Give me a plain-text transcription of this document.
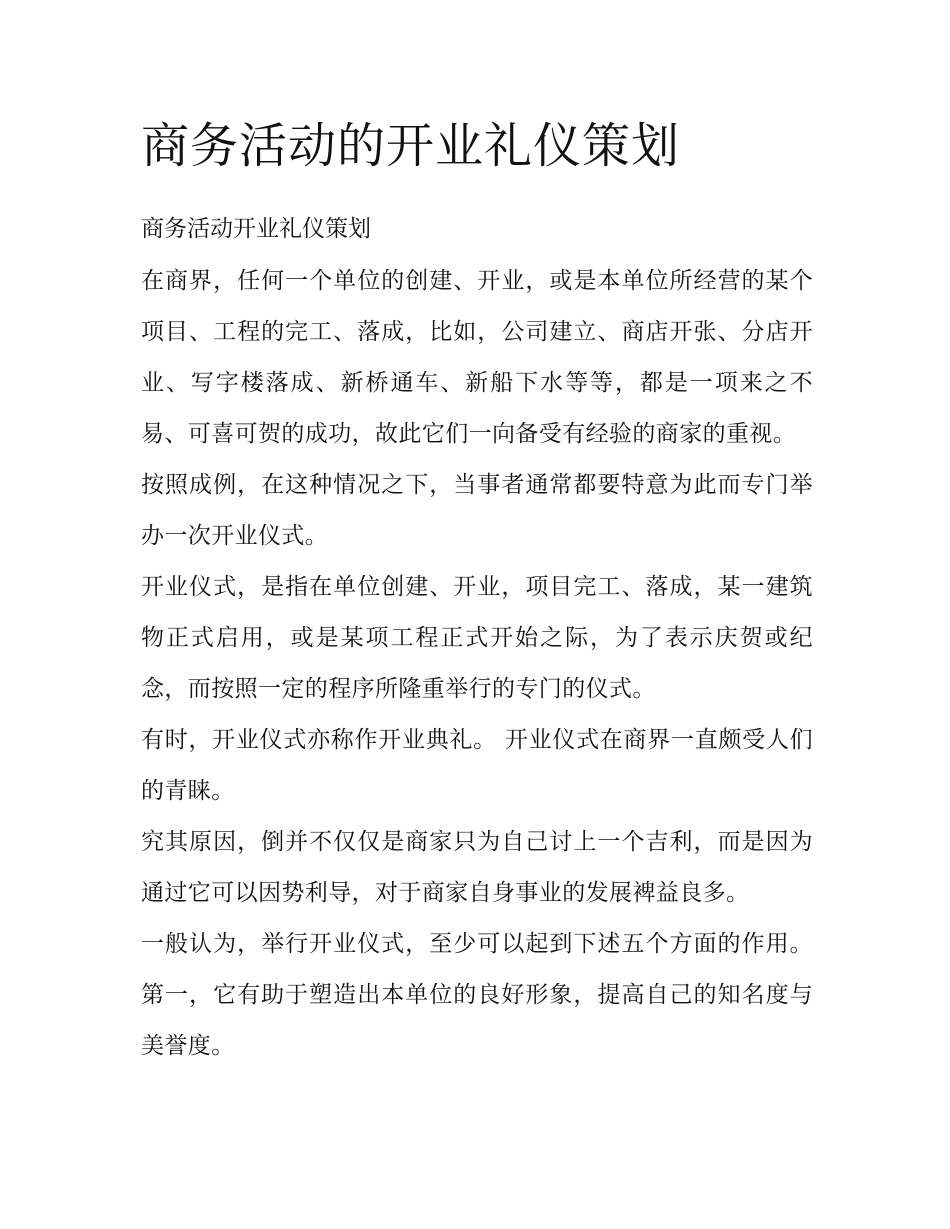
商务活动的开业礼仪策划
商务活动开业礼仪策划

在商界，任何一个单位的创建、开业，或是本单位所经营的某个项目、工程的完工、落成，比如，公司建立、商店开张、分店开业、写字楼落成、新桥通车、新船下水等等，都是一项来之不易、可喜可贺的成功，故此它们一向备受有经验的商家的重视。

按照成例，在这种情况之下，当事者通常都要特意为此而专门举办一次开业仪式。

开业仪式，是指在单位创建、开业，项目完工、落成，某一建筑物正式启用，或是某项工程正式开始之际，为了表示庆贺或纪念，而按照一定的程序所隆重举行的专门的仪式。

有时，开业仪式亦称作开业典礼。 开业仪式在商界一直颇受人们的青睐。

究其原因，倒并不仅仅是商家只为自己讨上一个吉利，而是因为通过它可以因势利导，对于商家自身事业的发展裨益良多。

一般认为，举行开业仪式，至少可以起到下述五个方面的作用。 第一，它有助于塑造出本单位的良好形象，提高自己的知名度与美誉度。
